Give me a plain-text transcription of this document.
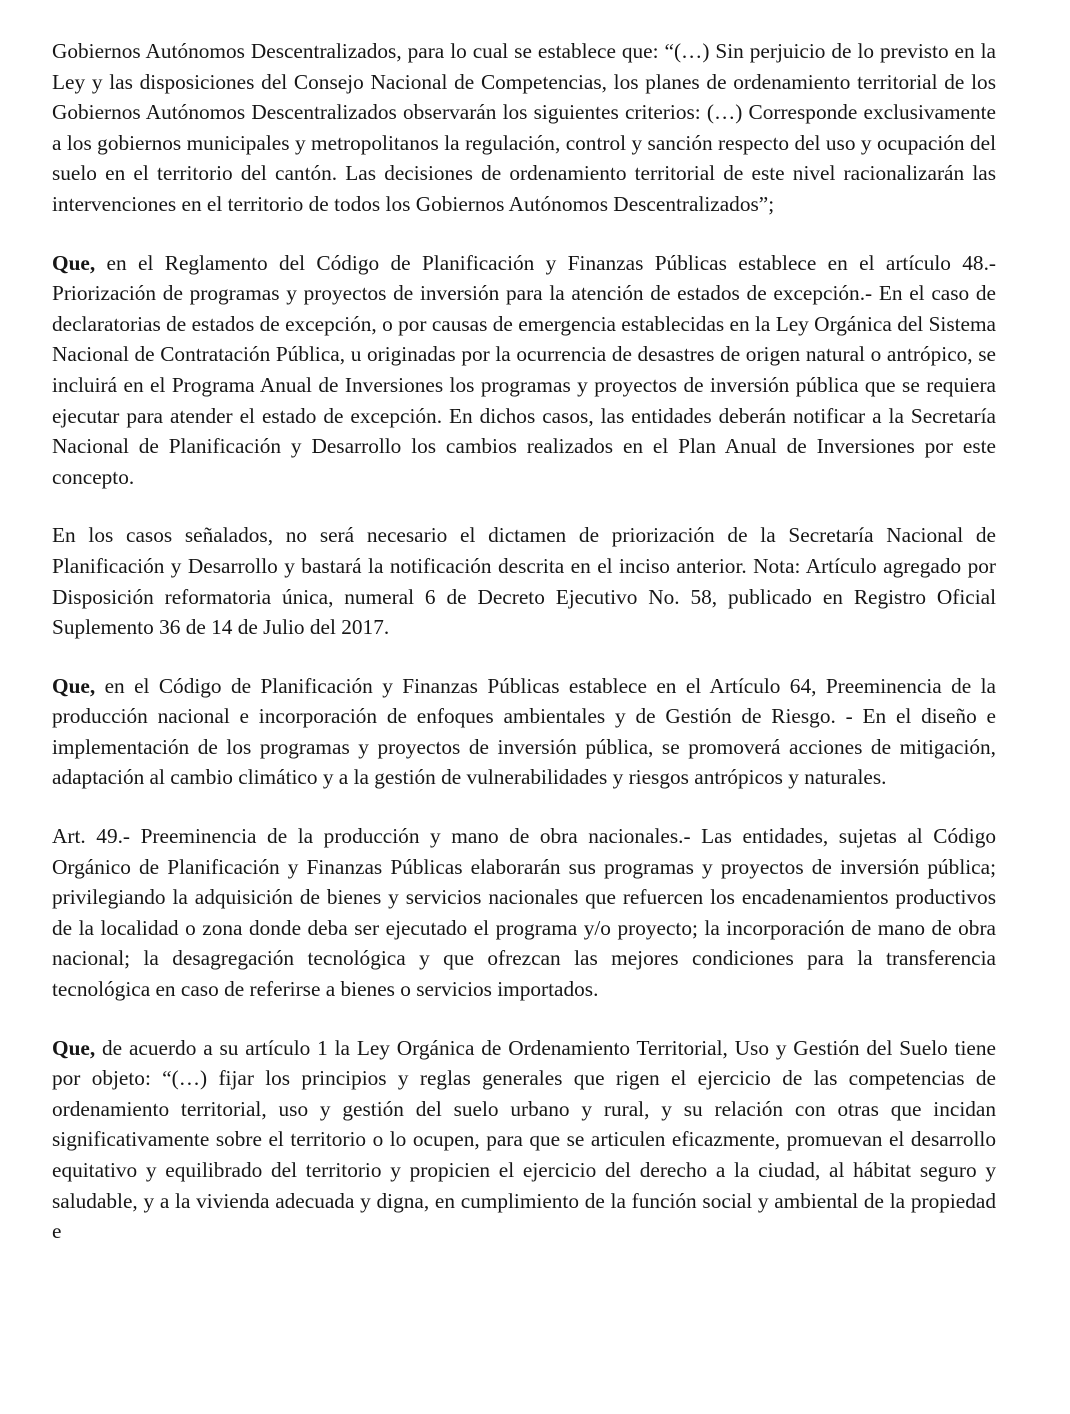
Gobiernos Autónomos Descentralizados, para lo cual se establece que: “(…) Sin perjuicio de lo previsto en la Ley y las disposiciones del Consejo Nacional de Competencias, los planes de ordenamiento territorial de los Gobiernos Autónomos Descentralizados observarán los siguientes criterios: (…) Corresponde exclusivamente a los gobiernos municipales y metropolitanos la regulación, control y sanción respecto del uso y ocupación del suelo en el territorio del cantón. Las decisiones de ordenamiento territorial de este nivel racionalizarán las intervenciones en el territorio de todos los Gobiernos Autónomos Descentralizados”;

Que, en el Reglamento del Código de Planificación y Finanzas Públicas establece en el artículo 48.- Priorización de programas y proyectos de inversión para la atención de estados de excepción.- En el caso de declaratorias de estados de excepción, o por causas de emergencia establecidas en la Ley Orgánica del Sistema Nacional de Contratación Pública, u originadas por la ocurrencia de desastres de origen natural o antrópico, se incluirá en el Programa Anual de Inversiones los programas y proyectos de inversión pública que se requiera ejecutar para atender el estado de excepción. En dichos casos, las entidades deberán notificar a la Secretaría Nacional de Planificación y Desarrollo los cambios realizados en el Plan Anual de Inversiones por este concepto.

En los casos señalados, no será necesario el dictamen de priorización de la Secretaría Nacional de Planificación y Desarrollo y bastará la notificación descrita en el inciso anterior. Nota: Artículo agregado por Disposición reformatoria única, numeral 6 de Decreto Ejecutivo No. 58, publicado en Registro Oficial Suplemento 36 de 14 de Julio del 2017.

Que, en el Código de Planificación y Finanzas Públicas establece en el Artículo 64, Preeminencia de la producción nacional e incorporación de enfoques ambientales y de Gestión de Riesgo. - En el diseño e implementación de los programas y proyectos de inversión pública, se promoverá acciones de mitigación, adaptación al cambio climático y a la gestión de vulnerabilidades y riesgos antrópicos y naturales.

Art. 49.- Preeminencia de la producción y mano de obra nacionales.- Las entidades, sujetas al Código Orgánico de Planificación y Finanzas Públicas elaborarán sus programas y proyectos de inversión pública; privilegiando la adquisición de bienes y servicios nacionales que refuercen los encadenamientos productivos de la localidad o zona donde deba ser ejecutado el programa y/o proyecto; la incorporación de mano de obra nacional; la desagregación tecnológica y que ofrezcan las mejores condiciones para la transferencia tecnológica en caso de referirse a bienes o servicios importados.

Que, de acuerdo a su artículo 1 la Ley Orgánica de Ordenamiento Territorial, Uso y Gestión del Suelo tiene por objeto: “(…) fijar los principios y reglas generales que rigen el ejercicio de las competencias de ordenamiento territorial, uso y gestión del suelo urbano y rural, y su relación con otras que incidan significativamente sobre el territorio o lo ocupen, para que se articulen eficazmente, promuevan el desarrollo equitativo y equilibrado del territorio y propicien el ejercicio del derecho a la ciudad, al hábitat seguro y saludable, y a la vivienda adecuada y digna, en cumplimiento de la función social y ambiental de la propiedad e
